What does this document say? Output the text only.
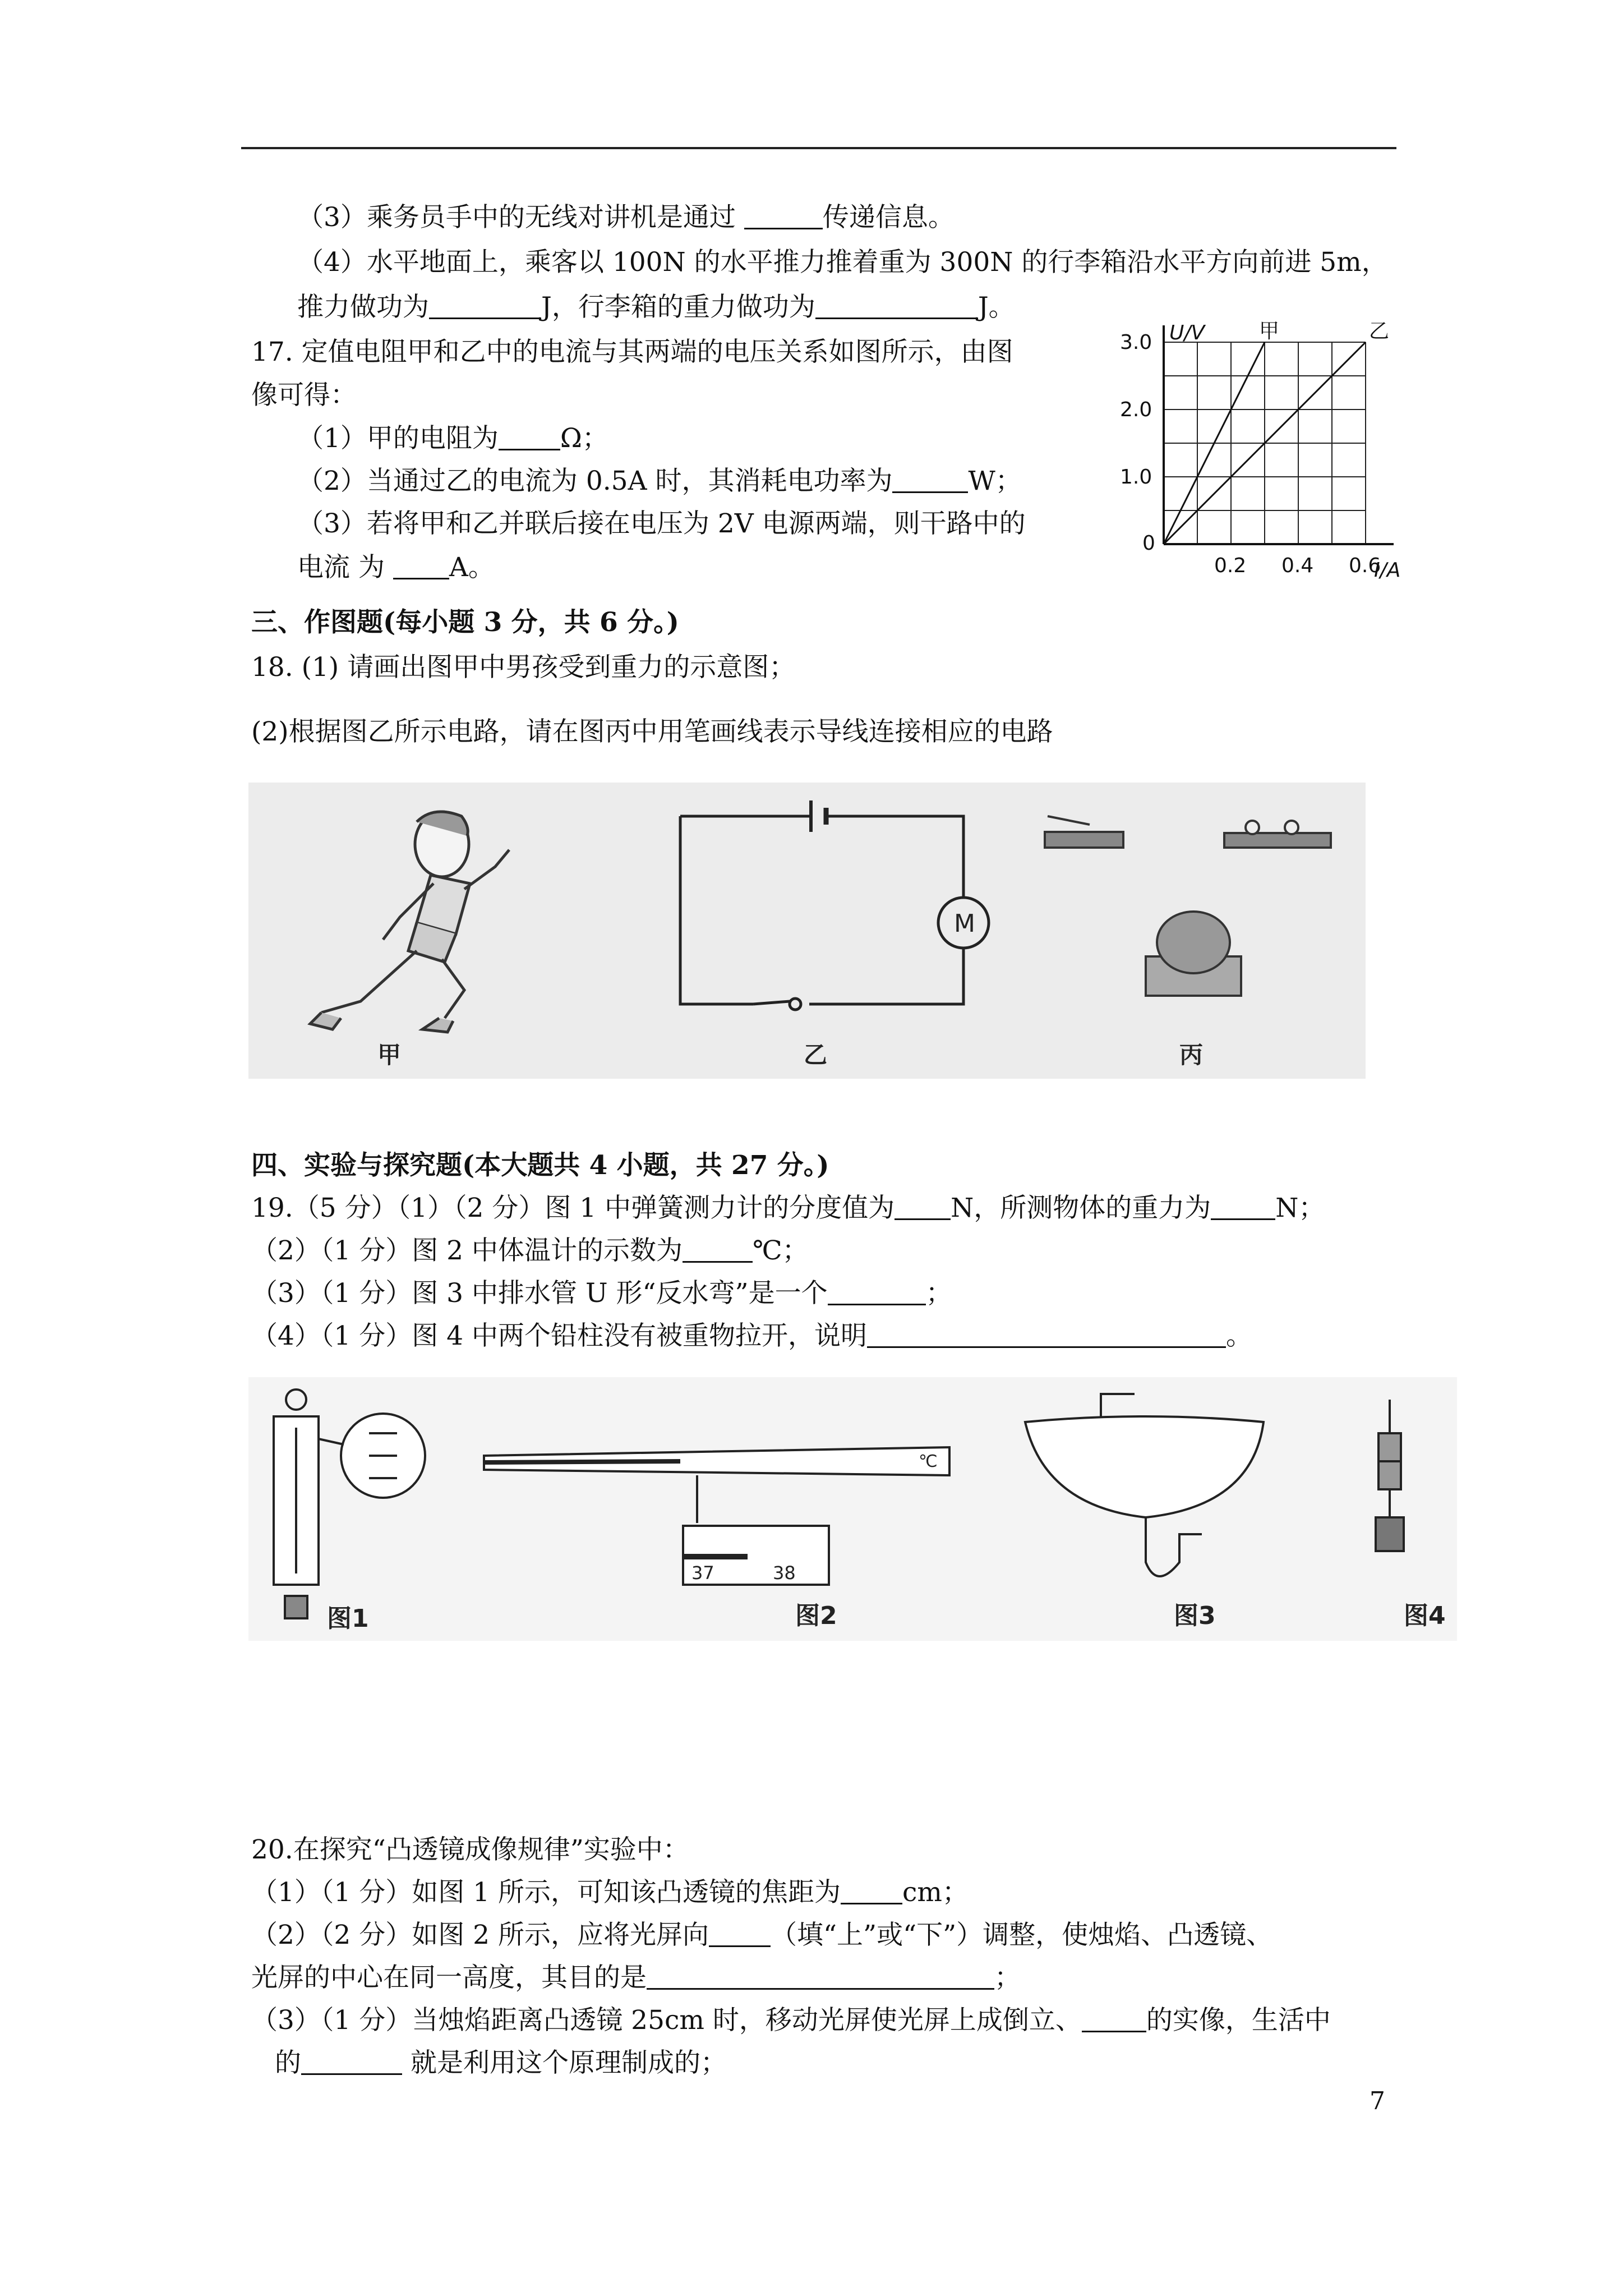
（3）乘务员手中的无线对讲机是通过	传递信息。
（4）水平地面上，乘客以 100N 的水平推力推着重为 300N 的行李箱沿水平方向前进 5m，
推力做功为	J，行李箱的重力做功为	J。
17. 定值电阻甲和乙中的电流与其两端的电压关系如图所示，由图
像可得：
（1）甲的电阻为 Ω；
（2）当通过乙的电流为 0.5A 时，其消耗电功率为	W；
（3）若将甲和乙并联后接在电压为 2V 电源两端，则干路中的
电流 为 A。
甲	乙
0.2 0.4 0.6
1.0
2.0
3.0
0
U/V
I/A
三、作图题(每小题 3 分，共 6 分。)
18. (1) 请画出图甲中男孩受到重力的示意图；
(2)根据图乙所示电路，请在图丙中用笔画线表示导线连接相应的电路
甲
M
乙	丙
四、实验与探究题(本大题共 4 小题，共 27 分。)
19.（5 分）（1）（2 分）图 1 中弹簧测力计的分度值为 N，所测物体的重力为 N；
（2）（1 分）图 2 中体温计的示数为	℃；
（3）（1 分）图 3 中排水管 U 形“反水弯”是一个	；
（4）（1 分）图 4 中两个铅柱没有被重物拉开，说明	。
图1
℃
37	38
图2	图3	图4
20.在探究“凸透镜成像规律”实验中：
（1）（1 分）如图 1 所示，可知该凸透镜的焦距为 cm；
（2）（2 分）如图 2 所示，应将光屏向 （填“上”或“下”）调整，使烛焰、凸透镜、
光屏的中心在同一高度，其目的是	；
（3）（1 分）当烛焰距离凸透镜 25cm 时，移动光屏使光屏上成倒立、 的实像，生活中
的	就是利用这个原理制成的；
7
